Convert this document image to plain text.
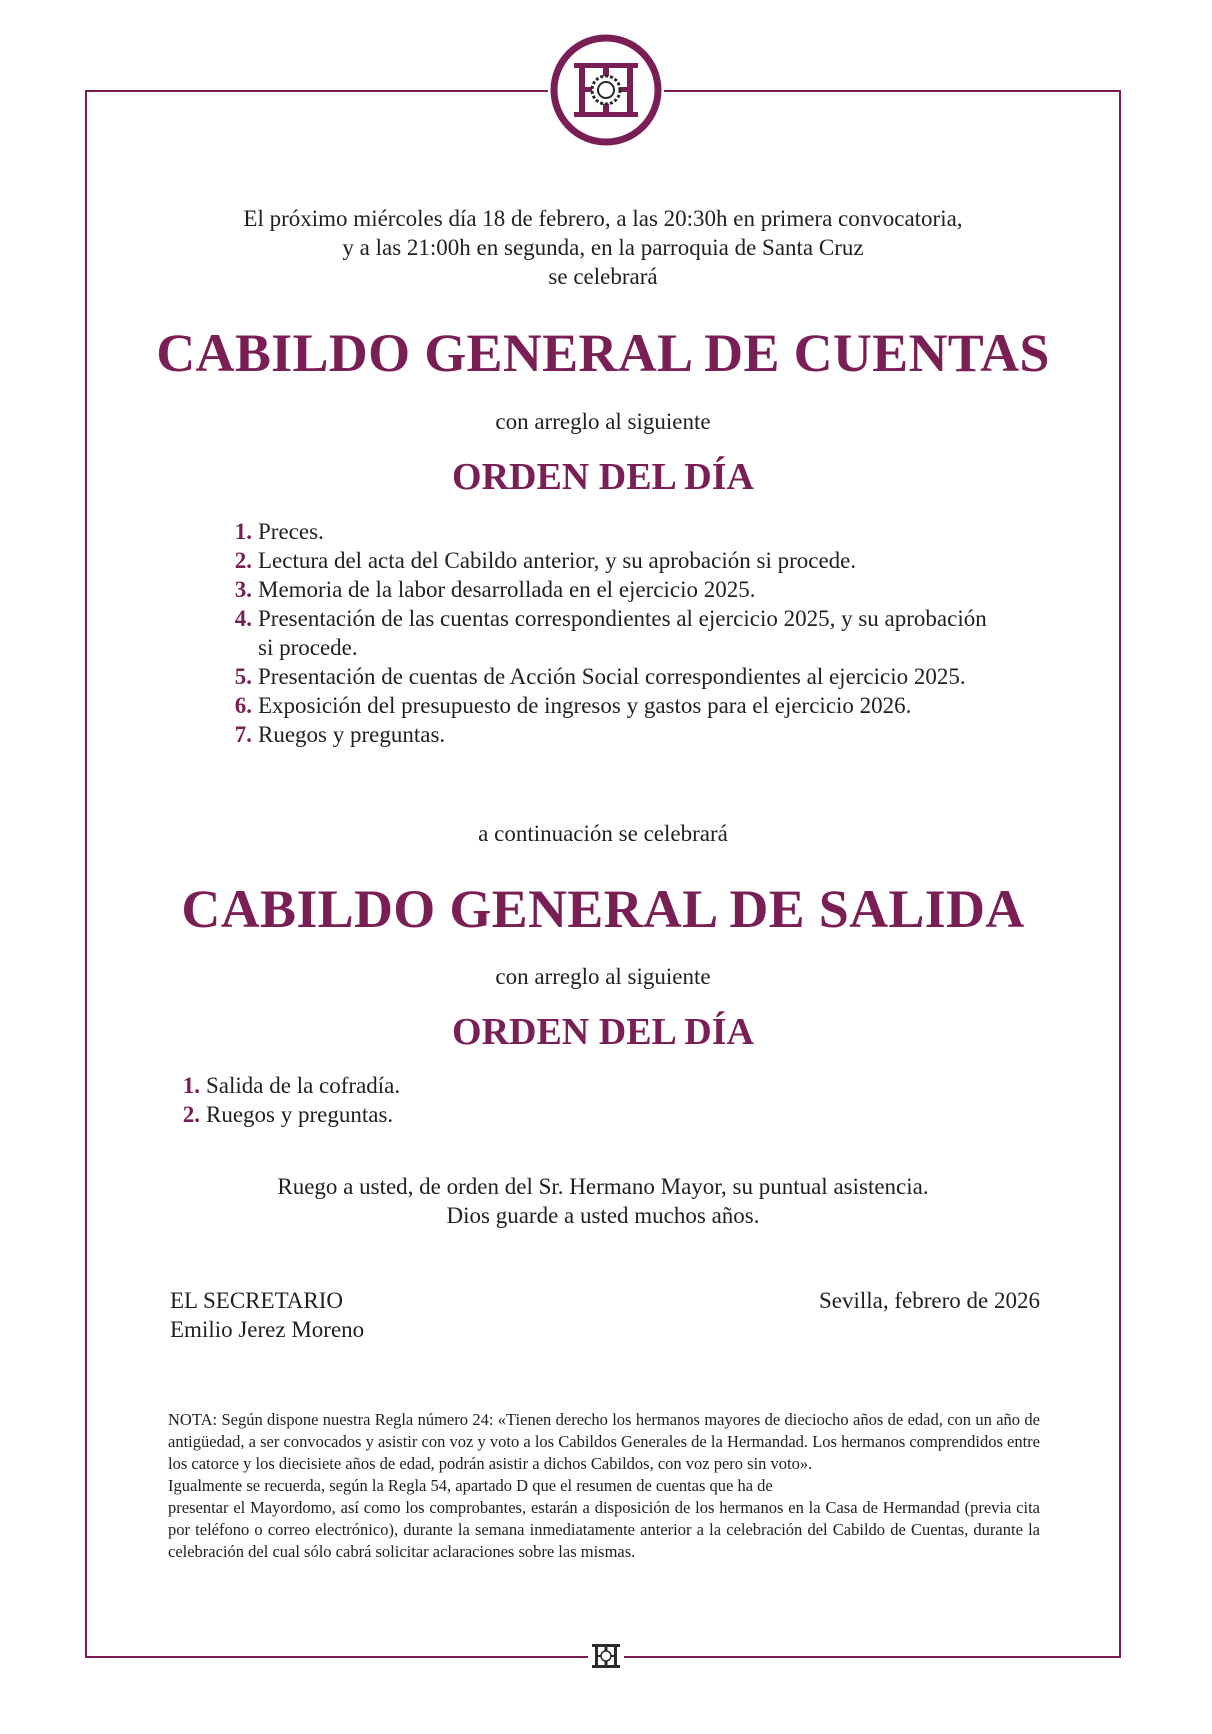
El próximo miércoles día 18 de febrero, a las 20:30h en primera convocatoria,
y a las 21:00h en segunda, en la parroquia de Santa Cruz
se celebrará
CABILDO GENERAL DE CUENTAS
con arreglo al siguiente
ORDEN DEL DÍA
1. Preces.
2. Lectura del acta del Cabildo anterior, y su aprobación si procede.
3. Memoria de la labor desarrollada en el ejercicio 2025.
4. Presentación de las cuentas correspondientes al ejercicio 2025, y su aprobación si procede.
5. Presentación de cuentas de Acción Social correspondientes al ejercicio 2025.
6. Exposición del presupuesto de ingresos y gastos para el ejercicio 2026.
7. Ruegos y preguntas.
a continuación se celebrará
CABILDO GENERAL DE SALIDA
con arreglo al siguiente
ORDEN DEL DÍA
1. Salida de la cofradía.
2. Ruegos y preguntas.
Ruego a usted, de orden del Sr. Hermano Mayor, su puntual asistencia.
Dios guarde a usted muchos años.
EL SECRETARIO
Emilio Jerez Moreno
Sevilla, febrero de 2026

NOTA: Según dispone nuestra Regla número 24: «Tienen derecho los hermanos mayores de dieciocho años de edad, con un año de antigüedad, a ser convocados y asistir con voz y voto a los Cabildos Generales de la Hermandad. Los hermanos comprendidos entre los catorce y los diecisiete años de edad, podrán asistir a dichos Cabildos, con voz pero sin voto».

Igualmente se recuerda, según la Regla 54, apartado D que el resumen de cuentas que ha de

presentar el Mayordomo, así como los comprobantes, estarán a disposición de los hermanos en la Casa de Hermandad (previa cita por teléfono o correo electrónico), durante la semana inmediatamente anterior a la celebración del Cabildo de Cuentas, durante la celebración del cual sólo cabrá solicitar aclaraciones sobre las mismas.
